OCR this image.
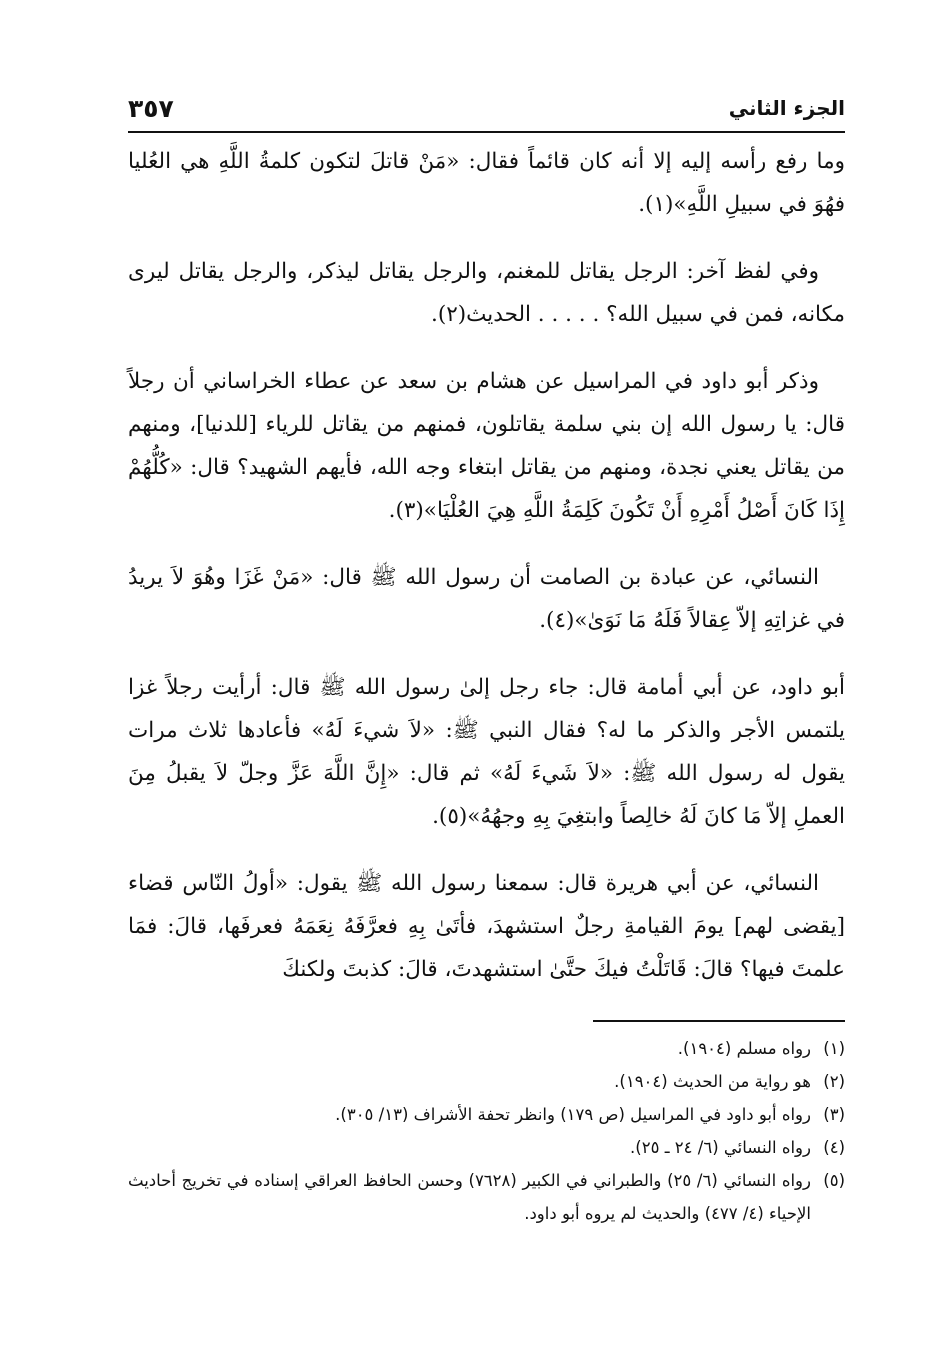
الجزء الثاني
٣٥٧

وما رفع رأسه إليه إلا أنه كان قائماً فقال: «مَنْ قاتلَ لتكون كلمةُ اللَّهِ هي العُليا فهُوَ في سبيلِ اللَّهِ»(١).

وفي لفظ آخر: الرجل يقاتل للمغنم، والرجل يقاتل ليذكر، والرجل يقاتل ليرى مكانه، فمن في سبيل الله؟ . . . . . الحديث(٢).

وذكر أبو داود في المراسيل عن هشام بن سعد عن عطاء الخراساني أن رجلاً قال: يا رسول الله إن بني سلمة يقاتلون، فمنهم من يقاتل للرياء [للدنيا]، ومنهم من يقاتل يعني نجدة، ومنهم من يقاتل ابتغاء وجه الله، فأيهم الشهيد؟ قال: «كُلُّهُمْ إِذَا كَانَ أَصْلُ أَمْرِهِ أَنْ تَكُونَ كَلِمَةُ اللَّهِ هِيَ العُلْيَا»(٣).

النسائي، عن عبادة بن الصامت أن رسول الله ﷺ قال: «مَنْ غَزَا وهُوَ لاَ يريدُ في غزاتِهِ إلاّ عِقالاً فَلَهُ مَا نَوَىٰ»(٤).

أبو داود، عن أبي أمامة قال: جاء رجل إلىٰ رسول الله ﷺ قال: أرأيت رجلاً غزا يلتمس الأجر والذكر ما له؟ فقال النبي ﷺ: «لاَ شيءَ لَهُ» فأعادها ثلاث مرات يقول له رسول الله ﷺ: «لاَ شَيءَ لَهُ» ثم قال: «إِنَّ اللَّهَ عَزَّ وجلّ لاَ يقبلُ مِنَ العملِ إلاّ مَا كانَ لَهُ خالِصاً وابتغِيَ بِهِ وجهُهُ»(٥).

النسائي، عن أبي هريرة قال: سمعنا رسول الله ﷺ يقول: «أولُ النّاس قضاء [يقضى لهم] يومَ القيامةِ رجلٌ استشهدَ، فأتَىٰ بِهِ فعرَّفَهُ نِعَمَهُ فعرفَها، قالَ: فمَا علمتَ فيها؟ قالَ: قَاتَلْتُ فيكَ حتَّىٰ استشهدتَ، قالَ: كذبتَ ولكنكَ

(١)
رواه مسلم (١٩٠٤).
(٢)
هو رواية من الحديث (١٩٠٤).
(٣)
رواه أبو داود في المراسيل (ص ١٧٩) وانظر تحفة الأشراف (١٣/ ٣٠٥).
(٤)
رواه النسائي (٦/ ٢٤ ـ ٢٥).
(٥)
رواه النسائي (٦/ ٢٥) والطبراني في الكبير (٧٦٢٨) وحسن الحافظ العراقي إسناده في تخريج أحاديث الإحياء (٤/ ٤٧٧) والحديث لم يروه أبو داود.
